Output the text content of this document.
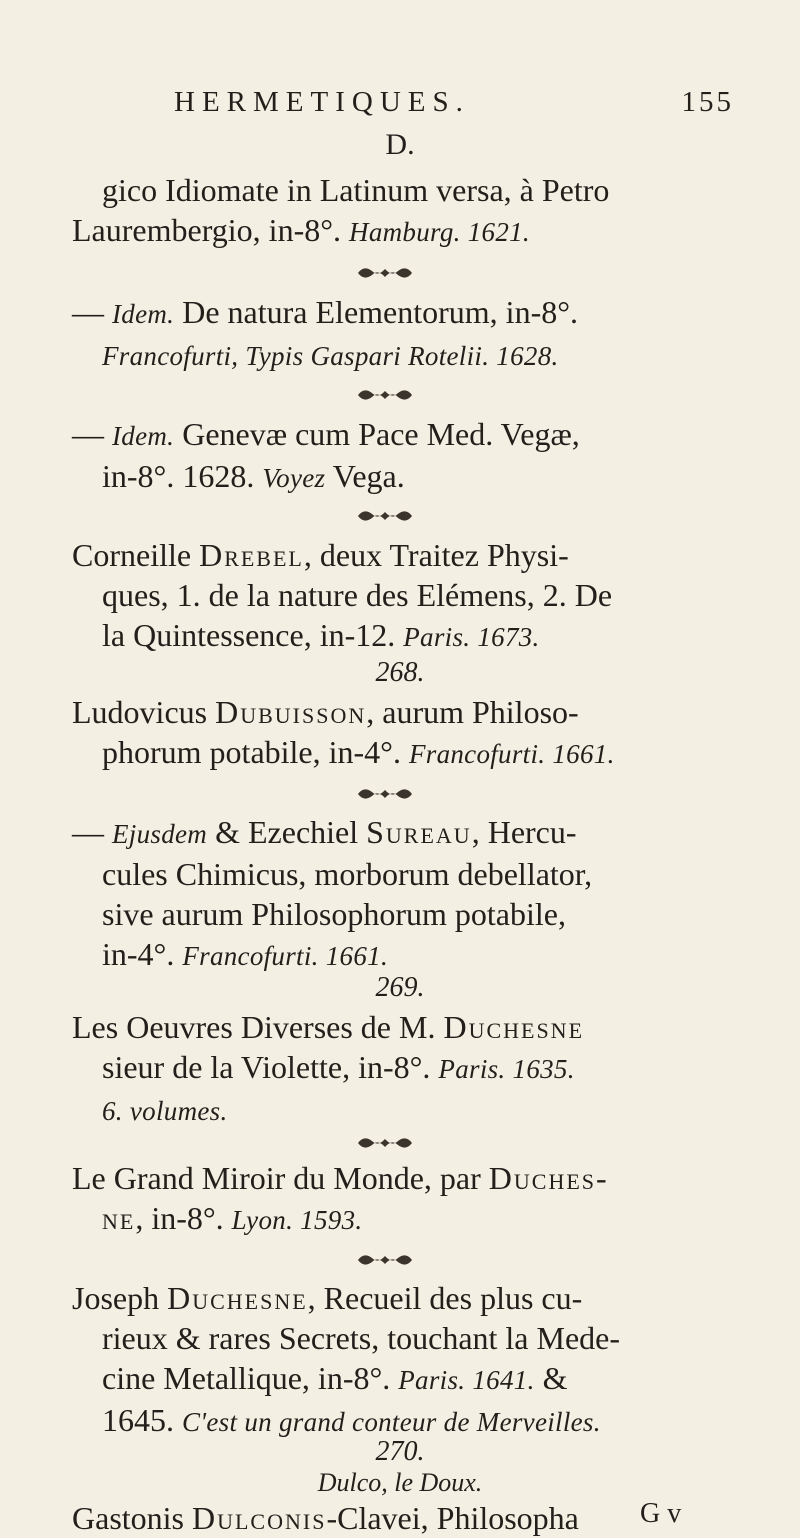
HERMETIQUES.	155
D.
gico Idiomate in Latinum versa, à Petro
Laurembergio, in-8°. Hamburg. 1621.
— Idem. De natura Elementorum, in-8°.
Francofurti, Typis Gaspari Rotelii. 1628.
— Idem. Genevæ cum Pace Med. Vegæ,
in-8°. 1628. Voyez Vega.
Corneille Drebel, deux Traitez Physi-
ques, 1. de la nature des Elémens, 2. De
la Quintessence, in-12. Paris. 1673.
268.
Ludovicus Dubuisson, aurum Philoso-
phorum potabile, in-4°. Francofurti. 1661.
— Ejusdem & Ezechiel Sureau, Hercu-
cules Chimicus, morborum debellator,
sive aurum Philosophorum potabile,
in-4°. Francofurti. 1661.
269.
Les Oeuvres Diverses de M. Duchesne
sieur de la Violette, in-8°. Paris. 1635.
6. volumes.
Le Grand Miroir du Monde, par Duches-
ne, in-8°. Lyon. 1593.
Joseph Duchesne, Recueil des plus cu-
rieux & rares Secrets, touchant la Mede-
cine Metallique, in-8°. Paris. 1641. &
1645. C'est un grand conteur de Merveilles.
270.
Dulco, le Doux.
Gastonis Dulconis-Clavei, Philosopha	G v
